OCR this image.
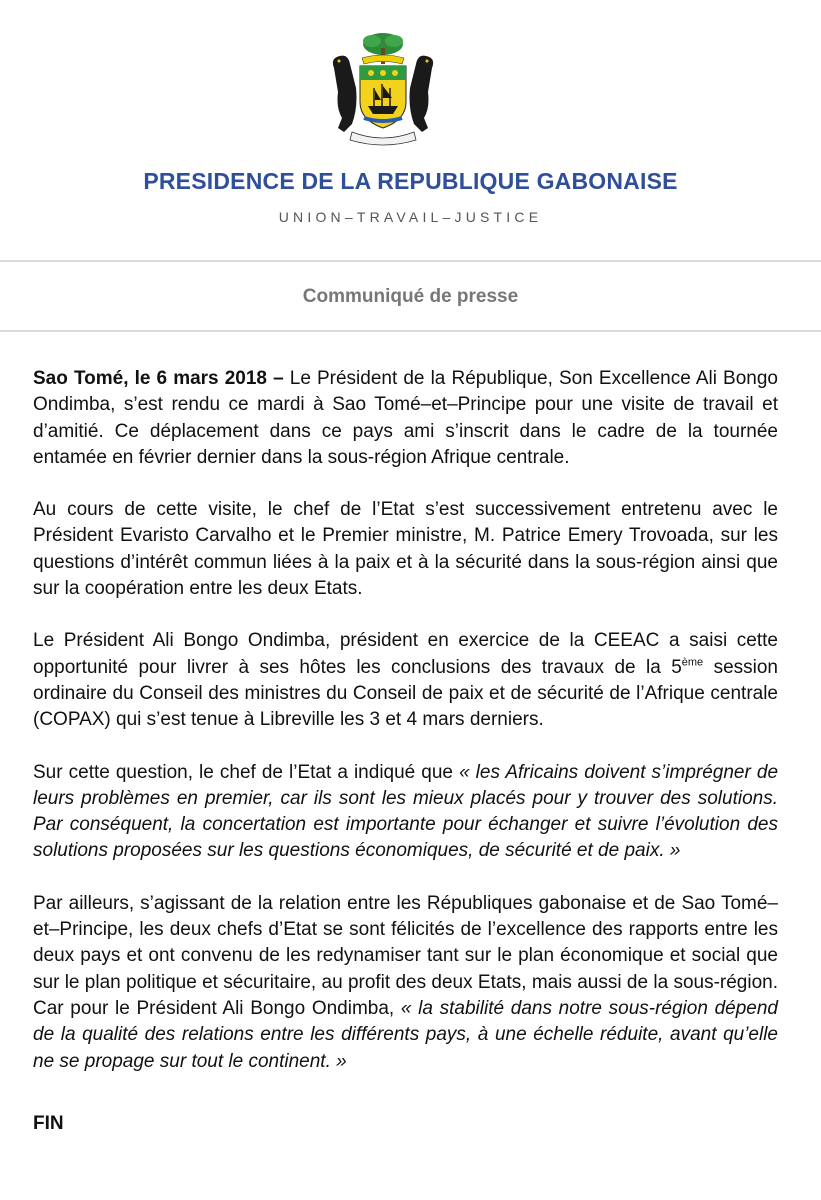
PRESIDENCE DE LA REPUBLIQUE GABONAISE
UNION–TRAVAIL–JUSTICE
Communiqué de presse

Sao Tomé, le 6 mars 2018 – Le Président de la République, Son Excellence Ali Bongo Ondimba, s’est rendu ce mardi à Sao Tomé–et–Principe pour une visite de travail et d’amitié. Ce déplacement dans ce pays ami s’inscrit dans le cadre de la tournée entamée en février dernier dans la sous-région Afrique centrale.

Au cours de cette visite, le chef de l’Etat s’est successivement entretenu avec le Président Evaristo Carvalho et le Premier ministre, M. Patrice Emery Trovoada, sur les questions d’intérêt commun liées à la paix et à la sécurité dans la sous-région ainsi que sur la coopération entre les deux Etats.

Le Président Ali Bongo Ondimba, président en exercice de la CEEAC a saisi cette opportunité pour livrer à ses hôtes les conclusions des travaux de la 5ème session ordinaire du Conseil des ministres du Conseil de paix et de sécurité de l’Afrique centrale (COPAX) qui s’est tenue à Libreville les 3 et 4 mars derniers.

Sur cette question, le chef de l’Etat a indiqué que « les Africains doivent s’imprégner de leurs problèmes en premier, car ils sont les mieux placés pour y trouver des solutions. Par conséquent, la concertation est importante pour échanger et suivre l’évolution des solutions proposées sur les questions économiques, de sécurité et de paix. »

Par ailleurs, s’agissant de la relation entre les Républiques gabonaise et de Sao Tomé–et–Principe, les deux chefs d’Etat se sont félicités de l’excellence des rapports entre les deux pays et ont convenu de les redynamiser tant sur le plan économique et social que sur le plan politique et sécuritaire, au profit des deux Etats, mais aussi de la sous-région. Car pour le Président Ali Bongo Ondimba, « la stabilité dans notre sous-région dépend de la qualité des relations entre les différents pays, à une échelle réduite, avant qu’elle ne se propage sur tout le continent. »

FIN
